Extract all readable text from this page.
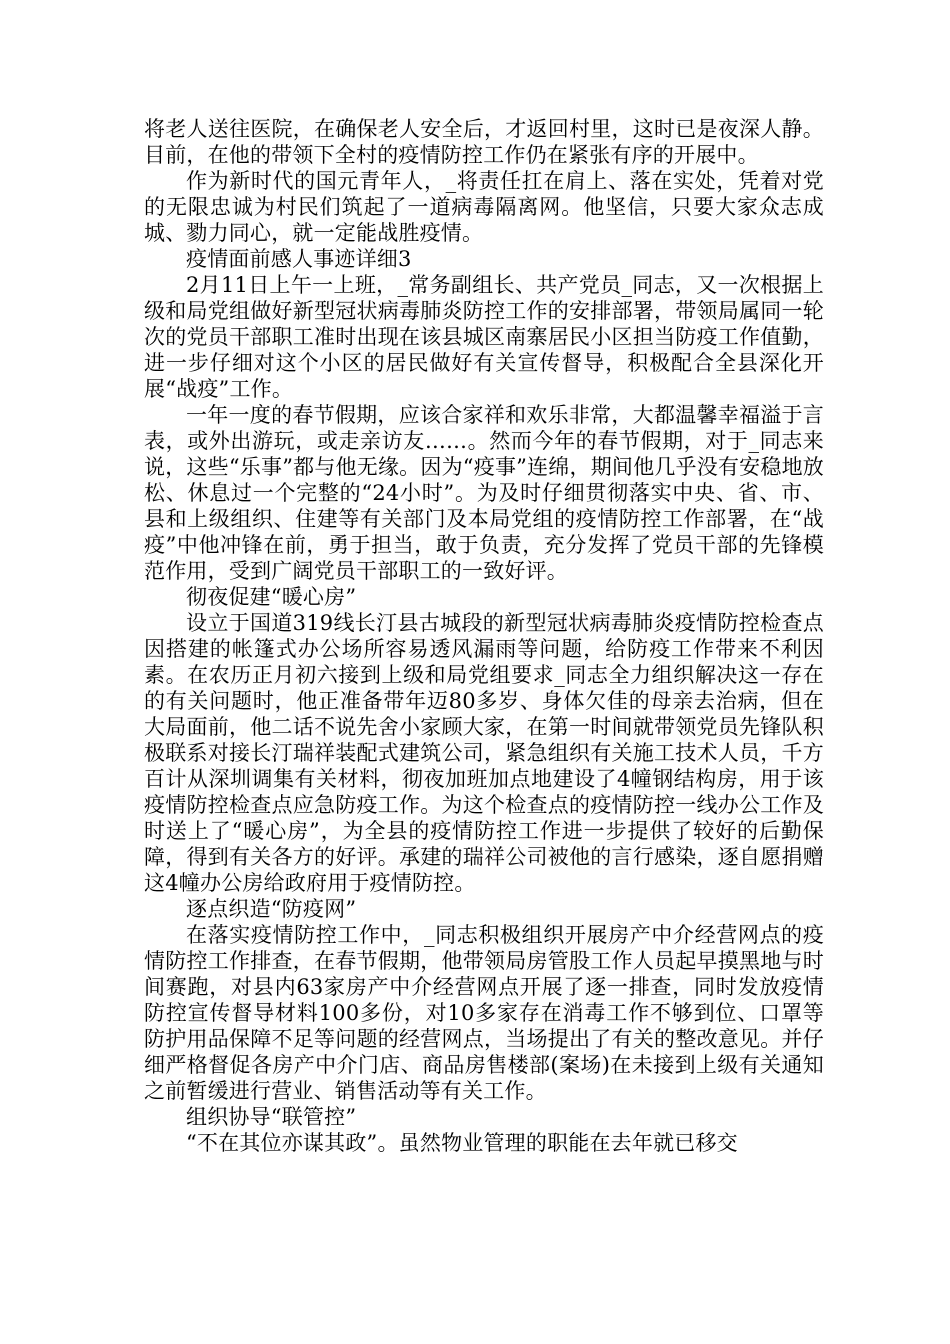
将老人送往医院，在确保老人安全后，才返回村里，这时已是夜深人静。目前，在他的带领下全村的疫情防控工作仍在紧张有序的开展中。

作为新时代的国元青年人，_将责任扛在肩上、落在实处，凭着对党的无限忠诚为村民们筑起了一道病毒隔离网。他坚信，只要大家众志成城、勠力同心，就一定能战胜疫情。

疫情面前感人事迹详细3

2月11日上午一上班，_常务副组长、共产党员_同志，又一次根据上级和局党组做好新型冠状病毒肺炎防控工作的安排部署，带领局属同一轮次的党员干部职工准时出现在该县城区南寨居民小区担当防疫工作值勤，进一步仔细对这个小区的居民做好有关宣传督导，积极配合全县深化开展“战疫”工作。

一年一度的春节假期，应该合家祥和欢乐非常，大都温馨幸福溢于言表，或外出游玩，或走亲访友……。然而今年的春节假期，对于_同志来说，这些“乐事”都与他无缘。因为“疫事”连绵，期间他几乎没有安稳地放松、休息过一个完整的“24小时”。为及时仔细贯彻落实中央、省、市、县和上级组织、住建等有关部门及本局党组的疫情防控工作部署，在“战疫”中他冲锋在前，勇于担当，敢于负责，充分发挥了党员干部的先锋模范作用，受到广阔党员干部职工的一致好评。

彻夜促建“暖心房”

设立于国道319线长汀县古城段的新型冠状病毒肺炎疫情防控检查点因搭建的帐篷式办公场所容易透风漏雨等问题，给防疫工作带来不利因素。在农历正月初六接到上级和局党组要求_同志全力组织解决这一存在的有关问题时，他正准备带年迈80多岁、身体欠佳的母亲去治病，但在大局面前，他二话不说先舍小家顾大家，在第一时间就带领党员先锋队积极联系对接长汀瑞祥装配式建筑公司，紧急组织有关施工技术人员，千方百计从深圳调集有关材料，彻夜加班加点地建设了4幢钢结构房，用于该疫情防控检查点应急防疫工作。为这个检查点的疫情防控一线办公工作及时送上了“暖心房”，为全县的疫情防控工作进一步提供了较好的后勤保障，得到有关各方的好评。承建的瑞祥公司被他的言行感染，逐自愿捐赠这4幢办公房给政府用于疫情防控。

逐点织造“防疫网”

在落实疫情防控工作中，_同志积极组织开展房产中介经营网点的疫情防控工作排查，在春节假期，他带领局房管股工作人员起早摸黑地与时间赛跑，对县内63家房产中介经营网点开展了逐一排查，同时发放疫情防控宣传督导材料100多份，对10多家存在消毒工作不够到位、口罩等防护用品保障不足等问题的经营网点，当场提出了有关的整改意见。并仔细严格督促各房产中介门店、商品房售楼部(案场)在未接到上级有关通知之前暂缓进行营业、销售活动等有关工作。

组织协导“联管控”

“不在其位亦谋其政”。虽然物业管理的职能在去年就已移交
